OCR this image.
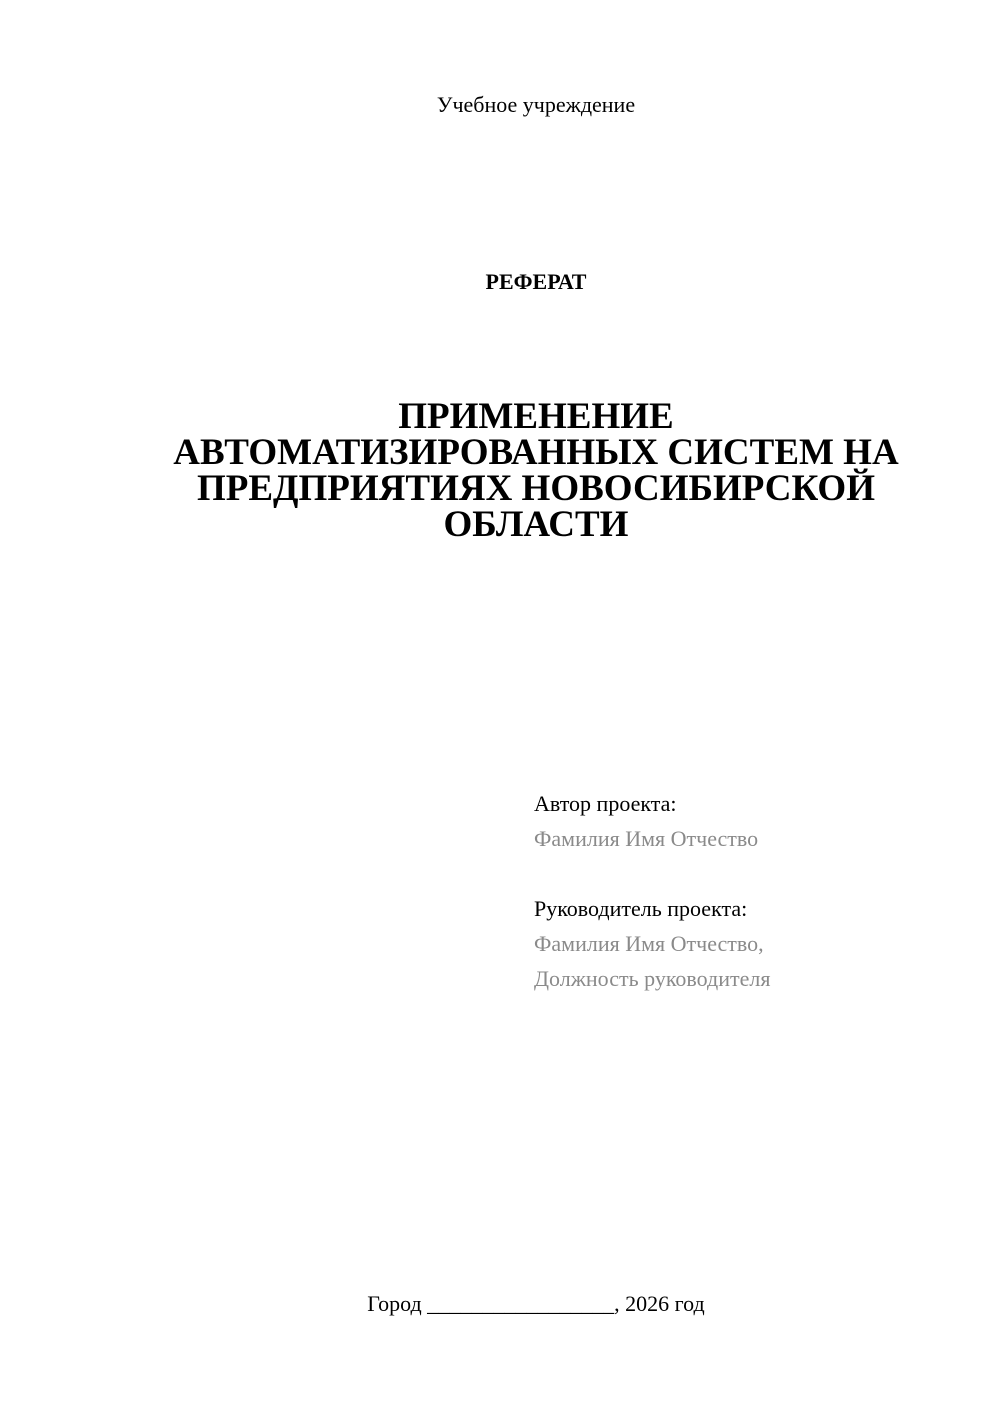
Учебное учреждение
РЕФЕРАТ
ПРИМЕНЕНИЕ
АВТОМАТИЗИРОВАННЫХ СИСТЕМ НА
ПРЕДПРИЯТИЯХ НОВОСИБИРСКОЙ
ОБЛАСТИ
Автор проекта:
Фамилия Имя Отчество
Руководитель проекта:
Фамилия Имя Отчество,
Должность руководителя
Город _________________, 2026 год
